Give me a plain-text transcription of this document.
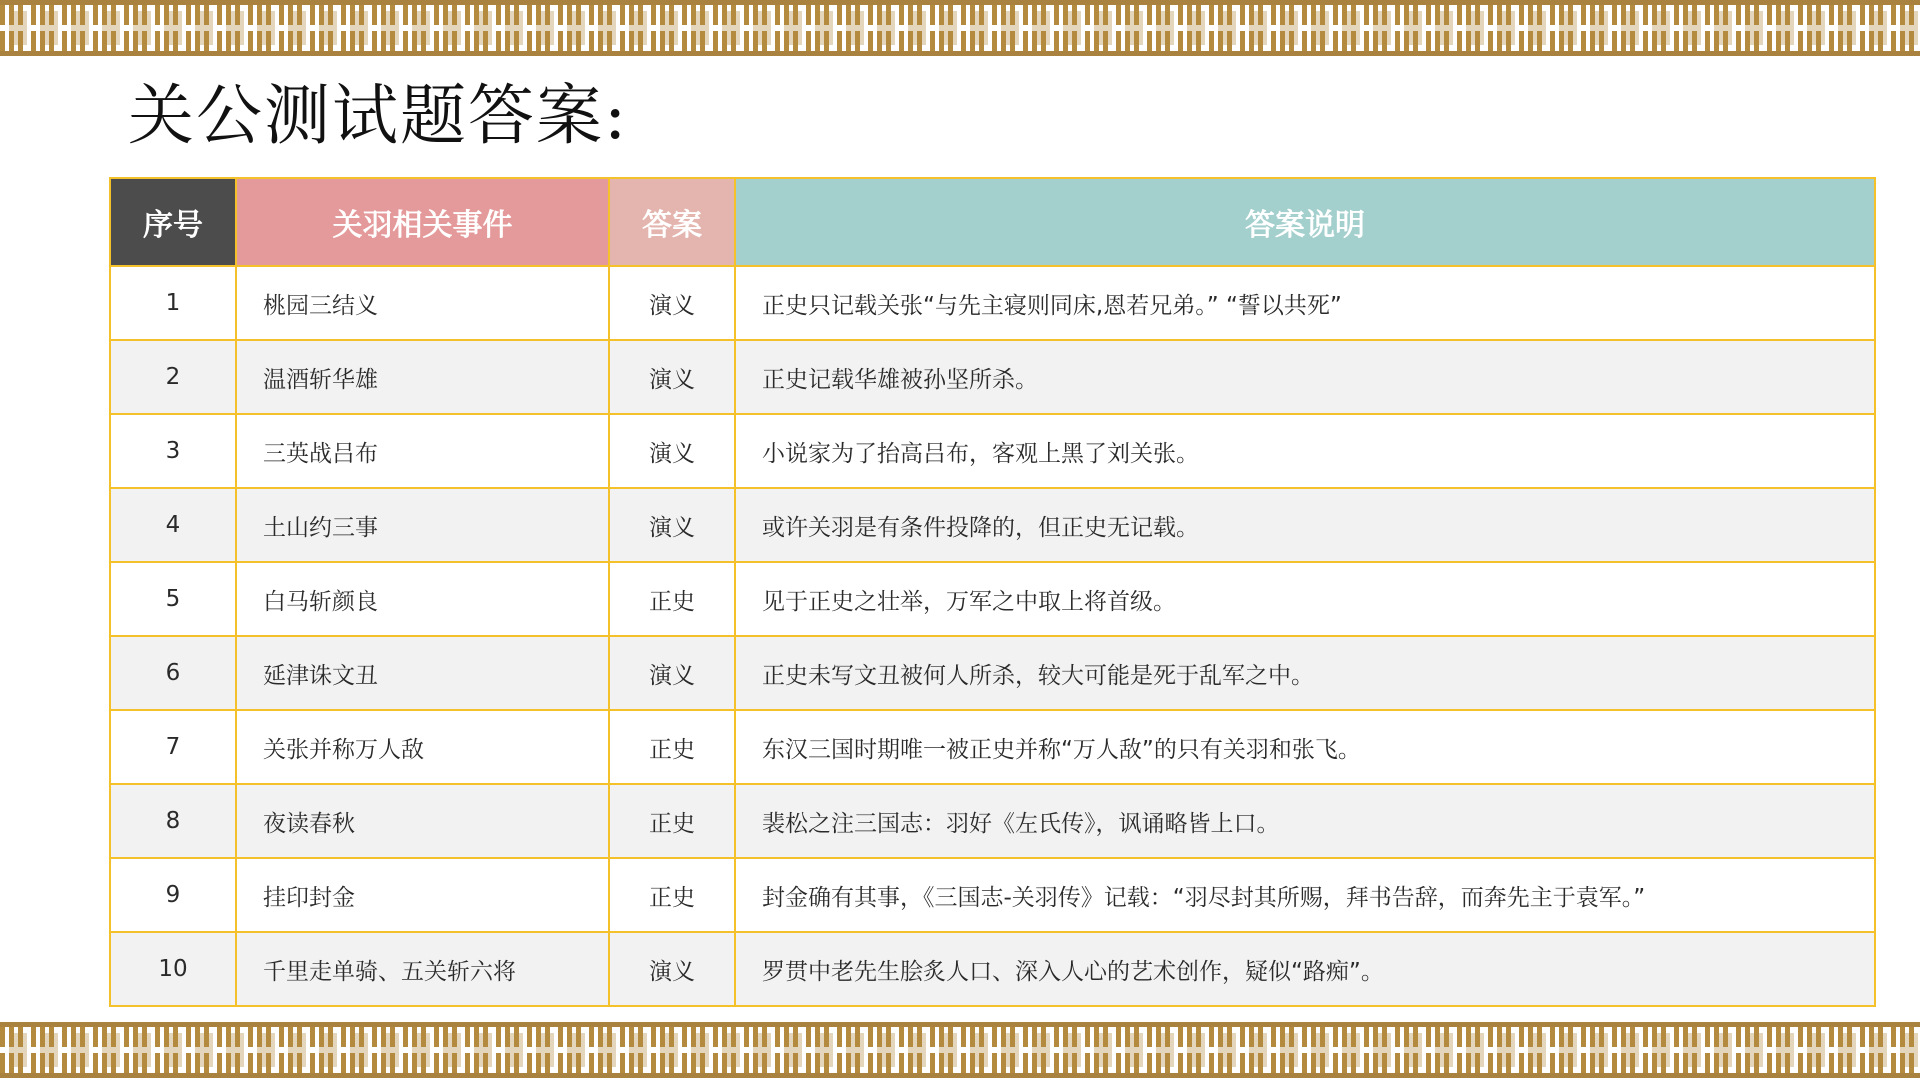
关公测试题答案:
序号	关羽相关事件	答案	答案说明
1	桃园三结义	演义	正史只记载关张“与先主寝则同床,恩若兄弟。” “誓以共死”
2	温酒斩华雄	演义	正史记载华雄被孙坚所杀。
3	三英战吕布	演义	小说家为了抬高吕布，客观上黑了刘关张。
4	土山约三事	演义	或许关羽是有条件投降的，但正史无记载。
5	白马斩颜良	正史	见于正史之壮举，万军之中取上将首级。
6	延津诛文丑	演义	正史未写文丑被何人所杀，较大可能是死于乱军之中。
7	关张并称万人敌	正史	东汉三国时期唯一被正史并称“万人敌”的只有关羽和张飞。
8	夜读春秋	正史	裴松之注三国志：羽好《左氏传》，讽诵略皆上口。
9	挂印封金	正史	封金确有其事，《三国志-关羽传》记载：“羽尽封其所赐，拜书告辞，而奔先主于袁军。”
10	千里走单骑、五关斩六将	演义	罗贯中老先生脍炙人口、深入人心的艺术创作，疑似“路痴”。
